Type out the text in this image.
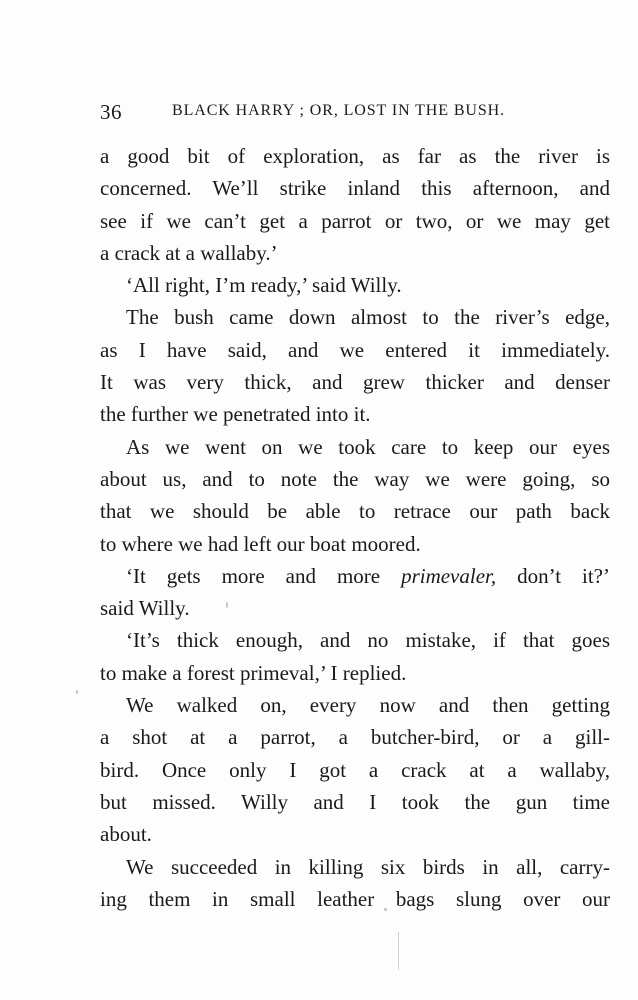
36	BLACK HARRY ; OR, LOST IN THE BUSH.
a good bit of exploration, as far as the river is
concerned. We’ll strike inland this afternoon, and
see if we can’t get a parrot or two, or we may get
a crack at a wallaby.’
‘All right, I’m ready,’ said Willy.
The bush came down almost to the river’s edge,
as I have said, and we entered it immediately.
It was very thick, and grew thicker and denser
the further we penetrated into it.
As we went on we took care to keep our eyes
about us, and to note the way we were going, so
that we should be able to retrace our path back
to where we had left our boat moored.
‘It gets more and more primevaler, don’t it?’
said Willy.
‘It’s thick enough, and no mistake, if that goes
to make a forest primeval,’ I replied.
We walked on, every now and then getting
a shot at a parrot, a butcher-bird, or a gill-
bird. Once only I got a crack at a wallaby,
but missed. Willy and I took the gun time
about.
We succeeded in killing six birds in all, carry-
ing them in small leather bags slung over our
